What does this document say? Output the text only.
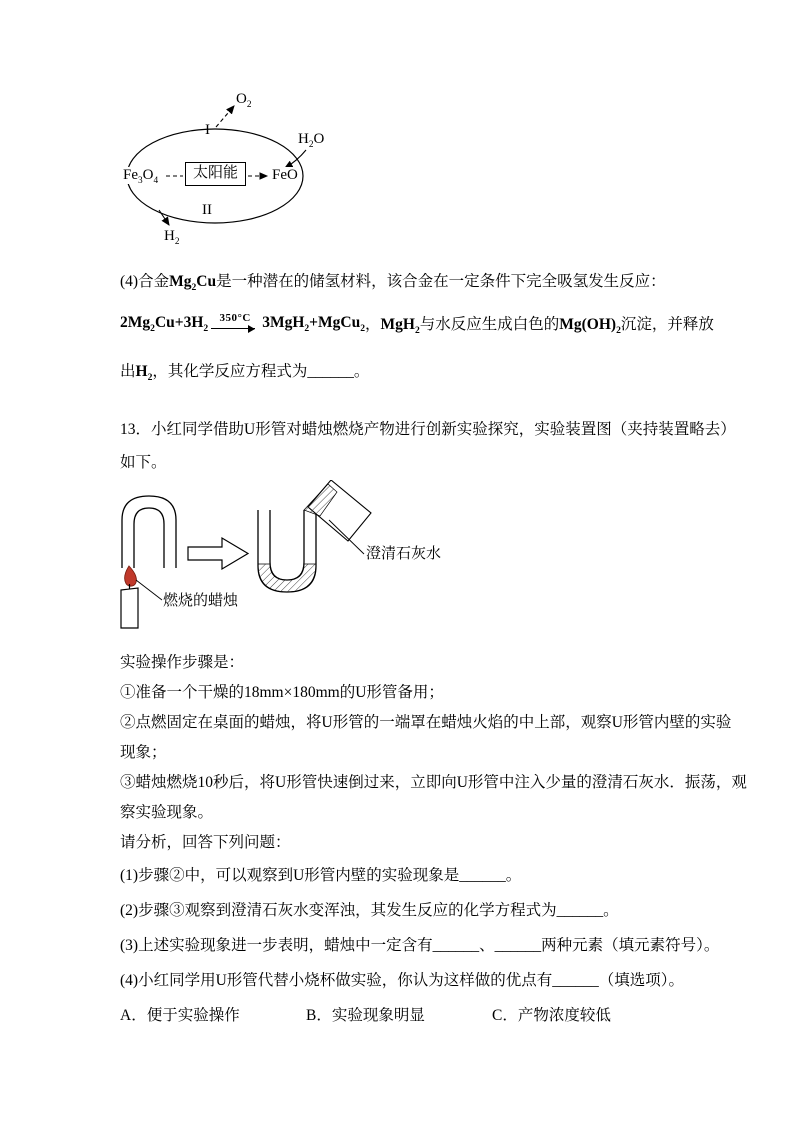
$O_2$
I
$H_2O$
$Fe_3O_4$	太阳能	FeO
II
$H_2$

(4)合金$Mg_2Cu$是一种潜在的储氢材料，该合金在一定条件下完全吸氢发生反应：

$2Mg_2Cu+3H_2$
350°C 3MgH$_2$+MgCu$_2$ ，MgH$_2$与水反应生成白色的$Mg(OH)_2$沉淀，并释放

出$H_2$，其化学反应方程式为______。

13．小红同学借助U形管对蜡烛燃烧产物进行创新实验探究，实验装置图（夹持装置略去）

如下。

澄清石灰水
燃烧的蜡烛

实验操作步骤是：

①准备一个干燥的18mm×180mm的U形管备用；

②点燃固定在桌面的蜡烛，将U形管的一端罩在蜡烛火焰的中上部，观察U形管内壁的实验

现象；

③蜡烛燃烧10秒后，将U形管快速倒过来，立即向U形管中注入少量的澄清石灰水．振荡，观

察实验现象。

请分析，回答下列问题：

(1)步骤②中，可以观察到U形管内壁的实验现象是______。

(2)步骤③观察到澄清石灰水变浑浊，其发生反应的化学方程式为______。

(3)上述实验现象进一步表明，蜡烛中一定含有______、______两种元素（填元素符号）。

(4)小红同学用U形管代替小烧杯做实验，你认为这样做的优点有______（填选项）。

A．便于实验操作	B．实验现象明显	C．产物浓度较低
